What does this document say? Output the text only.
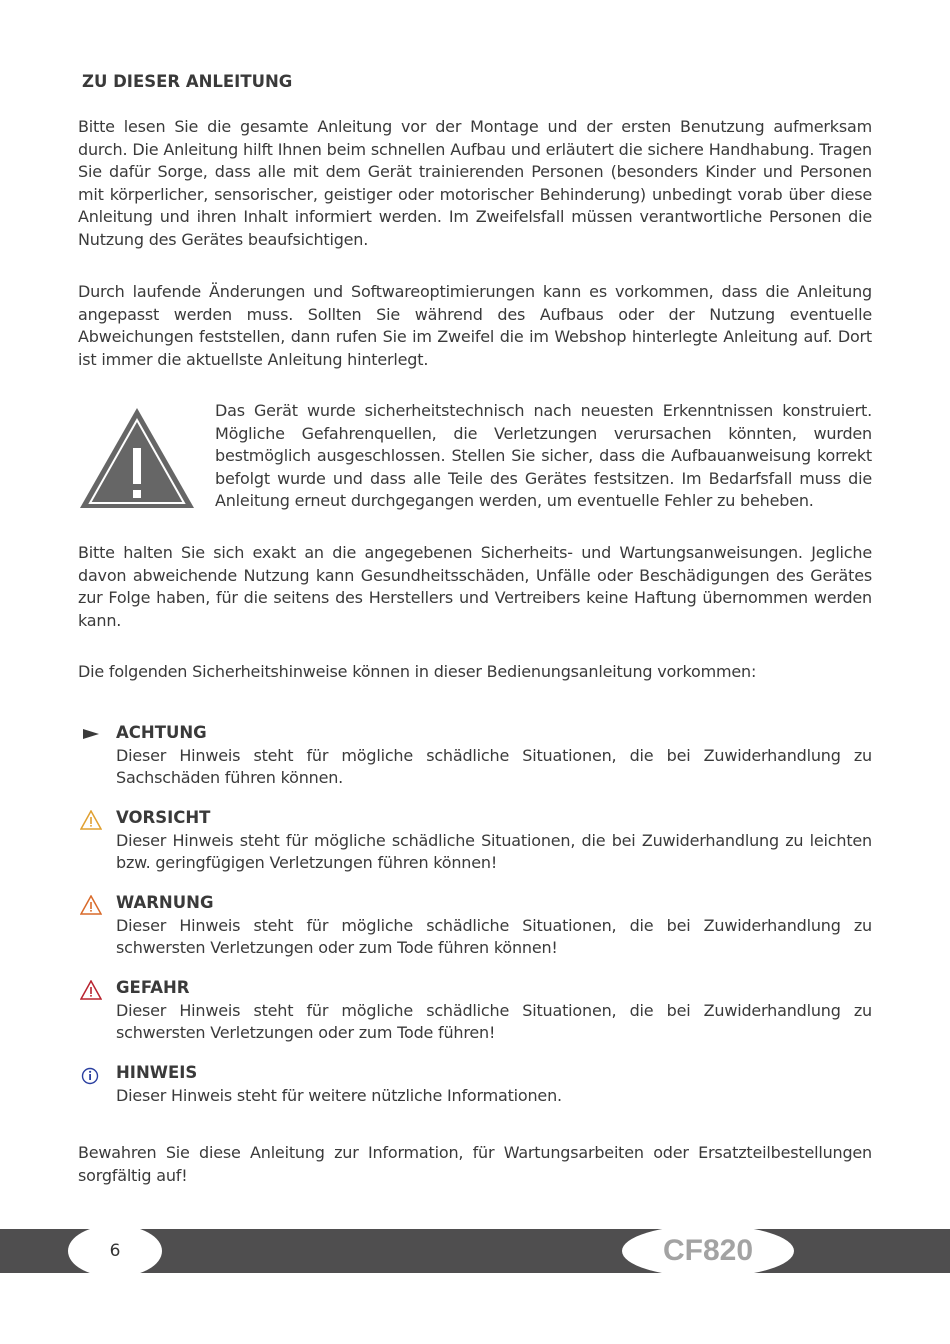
ZU DIESER ANLEITUNG
Bitte lesen Sie die gesamte Anleitung vor der Montage und der ersten Benutzung aufmerksam durch. Die Anleitung hilft Ihnen beim schnellen Aufbau und erläutert die sichere Handhabung. Tragen Sie dafür Sorge, dass alle mit dem Gerät trainierenden Personen (besonders Kinder und Personen mit körperlicher, sensorischer, geistiger oder motorischer Behinderung) unbedingt vorab über diese Anleitung und ihren Inhalt informiert werden. Im Zweifelsfall müssen verantwortliche Personen die Nutzung des Gerätes beaufsichtigen.
Durch laufende Änderungen und Softwareoptimierungen kann es vorkommen, dass die Anleitung angepasst werden muss. Sollten Sie während des Aufbaus oder der Nutzung eventuelle Abweichungen feststellen, dann rufen Sie im Zweifel die im Webshop hinterlegte Anleitung auf. Dort ist immer die aktuellste Anleitung hinterlegt.
Das Gerät wurde sicherheitstechnisch nach neuesten Erkenntnissen konstruiert. Mögliche Gefahrenquellen, die Verletzungen verursachen könnten, wurden bestmöglich ausgeschlossen. Stellen Sie sicher, dass die Aufbauanweisung korrekt befolgt wurde und dass alle Teile des Gerätes festsitzen. Im Bedarfsfall muss die Anleitung erneut durchgegangen werden, um eventuelle Fehler zu beheben.
Bitte halten Sie sich exakt an die angegebenen Sicherheits- und Wartungsanweisungen. Jegliche davon abweichende Nutzung kann Gesundheitsschäden, Unfälle oder Beschädigungen des Gerätes zur Folge haben, für die seitens des Herstellers und Vertreibers keine Haftung übernommen werden kann.
Die folgenden Sicherheitshinweise können in dieser Bedienungsanleitung vorkommen:
ACHTUNG
Dieser Hinweis steht für mögliche schädliche Situationen, die bei Zuwiderhandlung zu Sachschäden führen können.
VORSICHT
Dieser Hinweis steht für mögliche schädliche Situationen, die bei Zuwiderhandlung zu leichten bzw. geringfügigen Verletzungen führen können!
WARNUNG
Dieser Hinweis steht für mögliche schädliche Situationen, die bei Zuwiderhandlung zu schwersten Verletzungen oder zum Tode führen können!
GEFAHR
Dieser Hinweis steht für mögliche schädliche Situationen, die bei Zuwiderhandlung zu schwersten Verletzungen oder zum Tode führen!
HINWEIS
Dieser Hinweis steht für weitere nützliche Informationen.
Bewahren Sie diese Anleitung zur Information, für Wartungsarbeiten oder Ersatzteilbestellungen sorgfältig auf!
6	CF820
